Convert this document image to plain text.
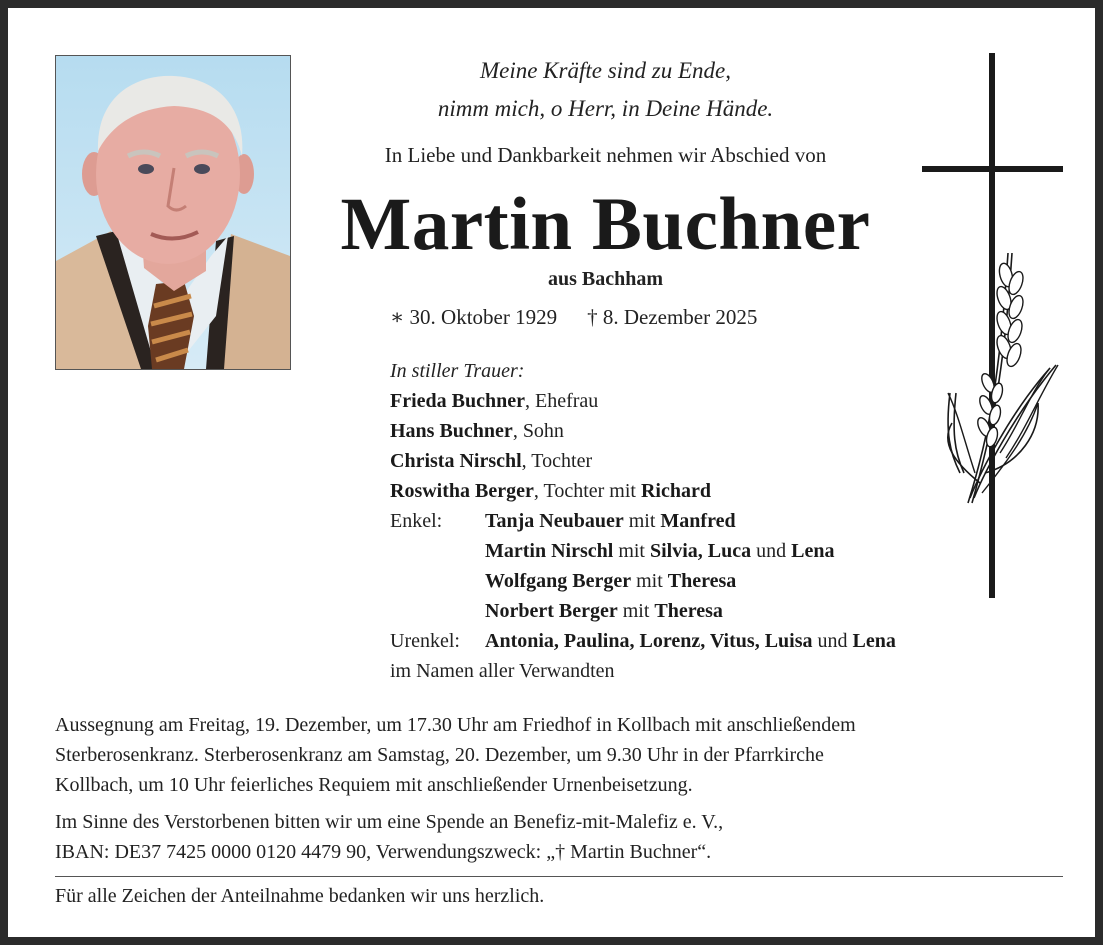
Meine Kräfte sind zu Ende,
nimm mich, o Herr, in Deine Hände.
In Liebe und Dankbarkeit nehmen wir Abschied von
Martin Buchner
aus Bachham
∗ 30. Oktober 1929 † 8. Dezember 2025
In stiller Trauer:
Frieda Buchner, Ehefrau
Hans Buchner, Sohn
Christa Nirschl, Tochter
Roswitha Berger, Tochter mit Richard
Enkel: Tanja Neubauer mit Manfred
Martin Nirschl mit Silvia, Luca und Lena
Wolfgang Berger mit Theresa
Norbert Berger mit Theresa
Urenkel: Antonia, Paulina, Lorenz, Vitus, Luisa und Lena
im Namen aller Verwandten

Aussegnung am Freitag, 19. Dezember, um 17.30 Uhr am Friedhof in Kollbach mit anschließendem
Sterberosenkranz. Sterberosenkranz am Samstag, 20. Dezember, um 9.30 Uhr in der Pfarrkirche
Kollbach, um 10 Uhr feierliches Requiem mit anschließender Urnenbeisetzung.

Im Sinne des Verstorbenen bitten wir um eine Spende an Benefiz-mit-Malefiz e. V.,
IBAN: DE37 7425 0000 0120 4479 90, Verwendungszweck: „† Martin Buchner“.

Für alle Zeichen der Anteilnahme bedanken wir uns herzlich.
